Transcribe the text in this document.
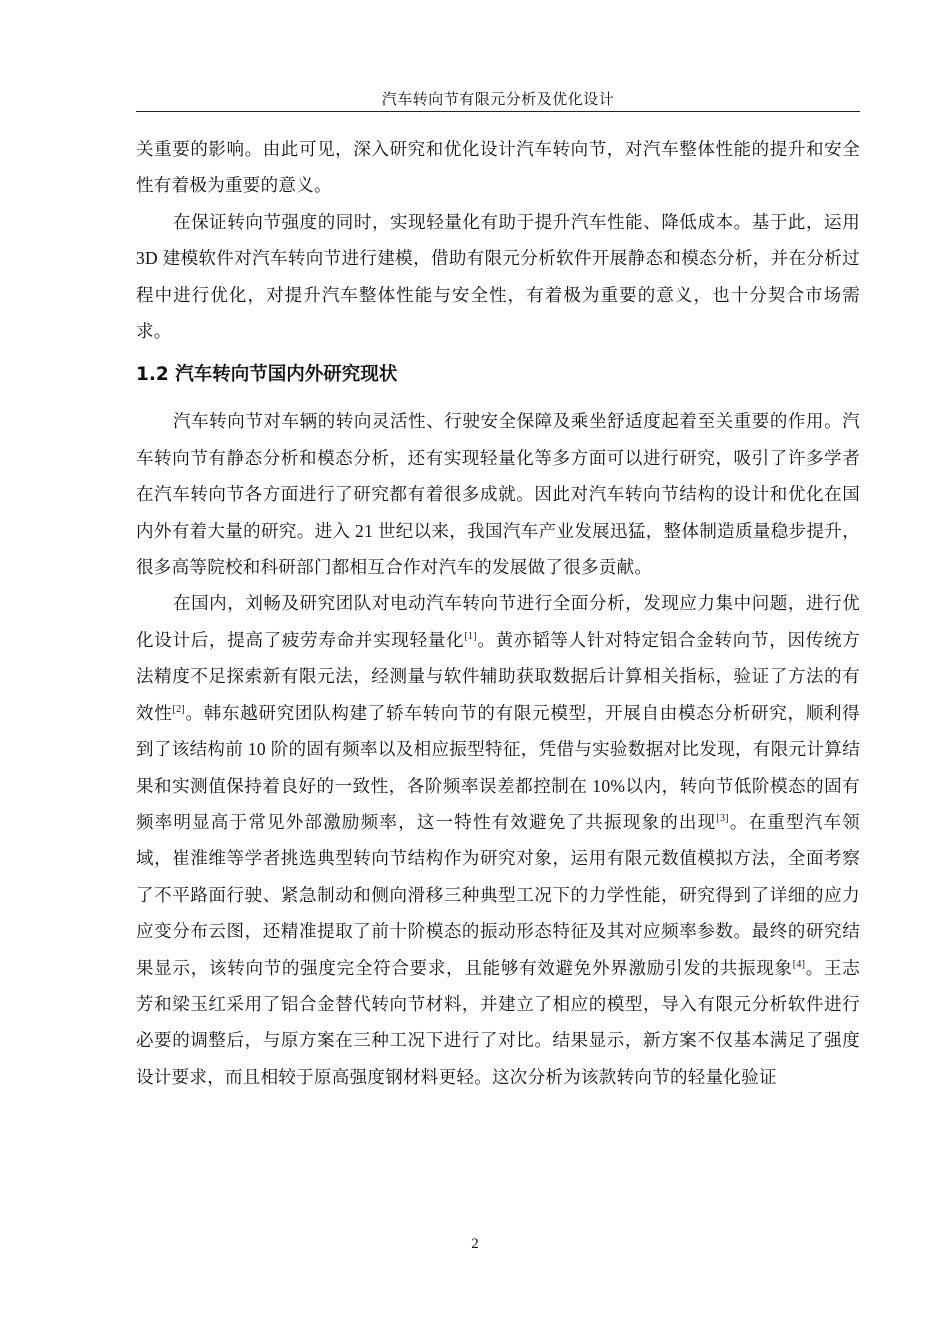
汽车转向节有限元分析及优化设计

关重要的影响。由此可见，深入研究和优化设计汽车转向节，对汽车整体性能的提升和安全性有着极为重要的意义。

在保证转向节强度的同时，实现轻量化有助于提升汽车性能、降低成本。基于此，运用 3D 建模软件对汽车转向节进行建模，借助有限元分析软件开展静态和模态分析，并在分析过程中进行优化，对提升汽车整体性能与安全性，有着极为重要的意义，也十分契合市场需求。

1.2 汽车转向节国内外研究现状

汽车转向节对车辆的转向灵活性、行驶安全保障及乘坐舒适度起着至关重要的作用。汽车转向节有静态分析和模态分析，还有实现轻量化等多方面可以进行研究，吸引了许多学者在汽车转向节各方面进行了研究都有着很多成就。因此对汽车转向节结构的设计和优化在国内外有着大量的研究。进入 21 世纪以来，我国汽车产业发展迅猛，整体制造质量稳步提升，很多高等院校和科研部门都相互合作对汽车的发展做了很多贡献。

在国内，刘畅及研究团队对电动汽车转向节进行全面分析，发现应力集中问题，进行优化设计后，提高了疲劳寿命并实现轻量化[1]。黄亦韬等人针对特定铝合金转向节，因传统方法精度不足探索新有限元法，经测量与软件辅助获取数据后计算相关指标，验证了方法的有效性[2]。韩东越研究团队构建了轿车转向节的有限元模型，开展自由模态分析研究，顺利得到了该结构前 10 阶的固有频率以及相应振型特征，凭借与实验数据对比发现，有限元计算结果和实测值保持着良好的一致性，各阶频率误差都控制在 10%以内，转向节低阶模态的固有频率明显高于常见外部激励频率，这一特性有效避免了共振现象的出现[3]。在重型汽车领域，崔淮维等学者挑选典型转向节结构作为研究对象，运用有限元数值模拟方法，全面考察了不平路面行驶、紧急制动和侧向滑移三种典型工况下的力学性能，研究得到了详细的应力应变分布云图，还精准提取了前十阶模态的振动形态特征及其对应频率参数。最终的研究结果显示，该转向节的强度完全符合要求，且能够有效避免外界激励引发的共振现象[4]。王志芳和梁玉红采用了铝合金替代转向节材料，并建立了相应的模型，导入有限元分析软件进行必要的调整后，与原方案在三种工况下进行了对比。结果显示，新方案不仅基本满足了强度设计要求，而且相较于原高强度钢材料更轻。这次分析为该款转向节的轻量化验证

2
